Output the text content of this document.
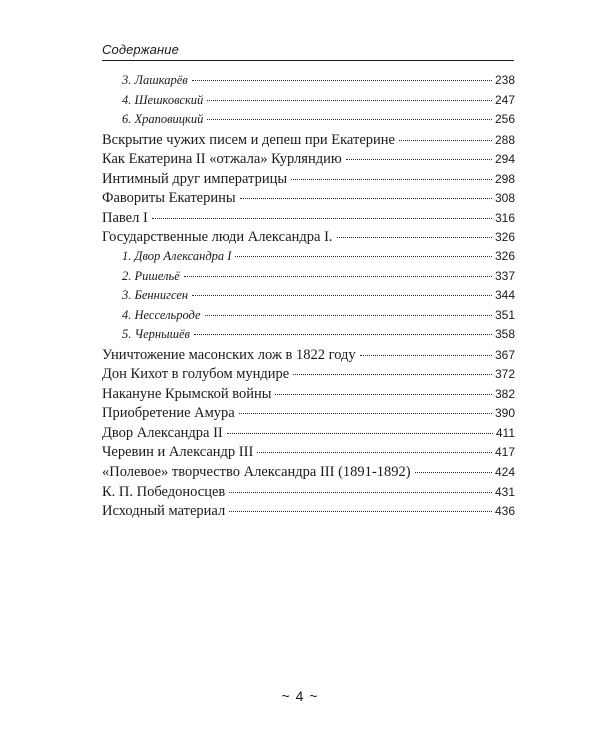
Содержание
3. Лашкарёв	238
4. Шешковский	247
6. Храповицкий	256
Вскрытие чужих писем и депеш при Екатерине	288
Как Екатерина II «отжала» Курляндию	294
Интимный друг императрицы	298
Фавориты Екатерины	308
Павел I	316
Государственные люди Александра I.	326
1. Двор Александра I	326
2. Ришельё	337
3. Беннигсен	344
4. Нессельроде	351
5. Чернышёв	358
Уничтожение масонских лож в 1822 году	367
Дон Кихот в голубом мундире	372
Накануне Крымской войны	382
Приобретение Амура	390
Двор Александра II	411
Черевин и Александр III	417
«Полевое» творчество Александра III (1891-1892)	424
К. П. Победоносцев	431
Исходный материал	436
~ 4 ~
